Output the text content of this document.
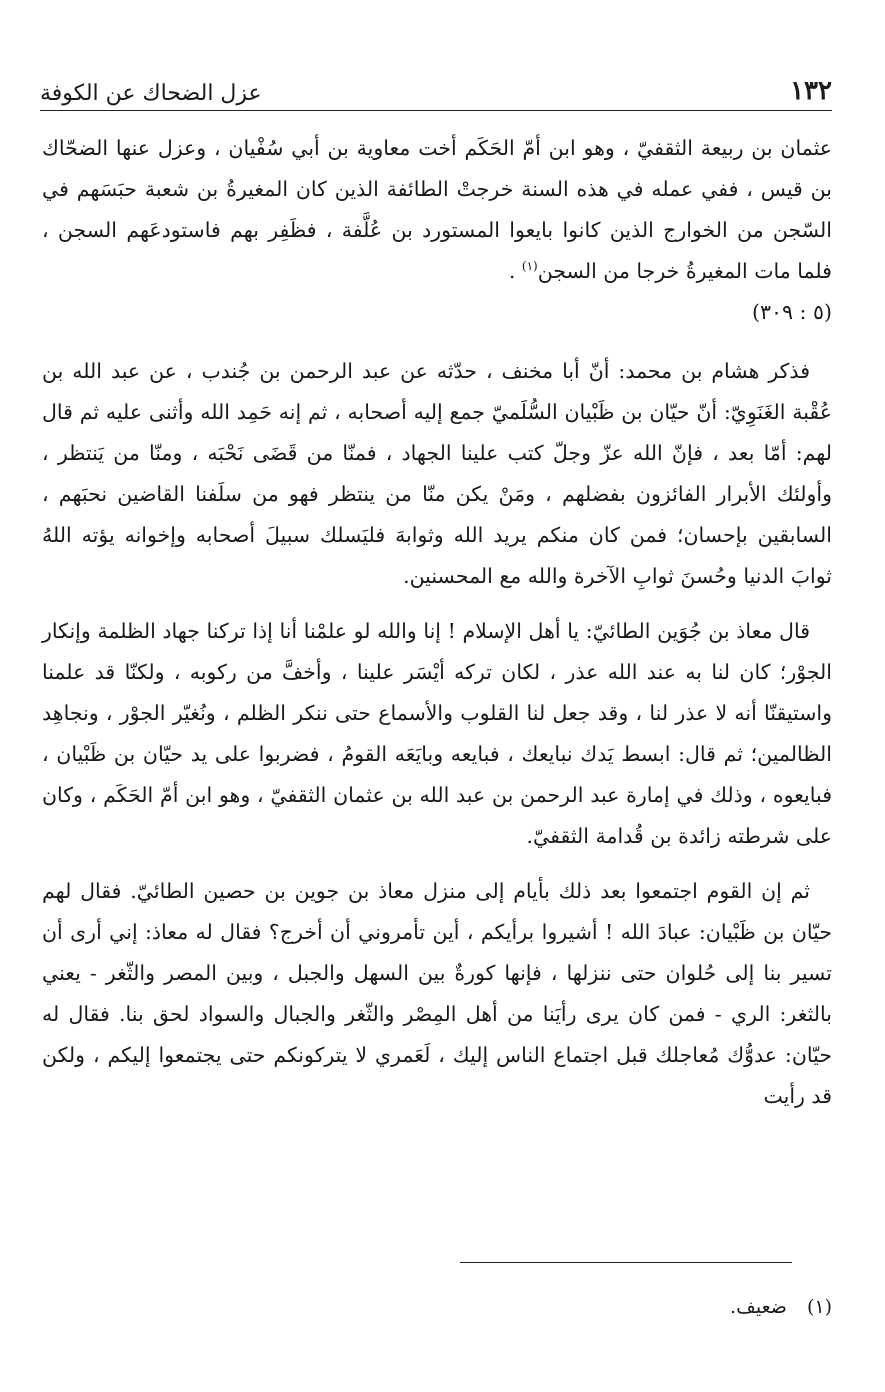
١٣٢
عزل الضحاك عن الكوفة

عثمان بن ربيعة الثقفيّ ، وهو ابن أمّ الحَكَم أخت معاوية بن أبي سُفْيان ، وعزل عنها الضحّاك بن قيس ، ففي عمله في هذه السنة خرجتْ الطائفة الذين كان المغيرةُ بن شعبة حبَسَهم في السّجن من الخوارج الذين كانوا بايعوا المستورد بن عُلَّفة ، فظَفِر بهم فاستودعَهم السجن ، فلما مات المغيرةُ خرجا من السجن$^{(١)}$ .

(٥ : ٣٠٩)

فذكر هشام بن محمد: أنّ أبا مخنف ، حدّثه عن عبد الرحمن بن جُندب ، عن عبد الله بن عُقْبة الغَنَوِيّ: أنّ حيّان بن ظَبْيان السُّلَميّ جمع إليه أصحابه ، ثم إنه حَمِد الله وأثنى عليه ثم قال لهم: أمّا بعد ، فإنّ الله عزّ وجلّ كتب علينا الجهاد ، فمنّا من قَضَى نَحْبَه ، ومنّا من يَنتظر ، وأولئك الأبرار الفائزون بفضلهم ، ومَنْ يكن منّا من ينتظر فهو من سلَفنا القاضين نحبَهم ، السابقين بإحسان؛ فمن كان منكم يريد الله وثوابهَ فليَسلك سبيلَ أصحابه وإخوانه يؤته اللهُ ثوابَ الدنيا وحُسنَ ثوابِ الآخرة والله مع المحسنين.

قال معاذ بن جُوَين الطائيّ: يا أهل الإسلام ! إنا والله لو علمْنا أنا إذا تركنا جهاد الظلمة وإنكار الجوْر؛ كان لنا به عند الله عذر ، لكان تركه أيْسَر علينا ، وأخفَّ من ركوبه ، ولكنّا قد علمنا واستيقنّا أنه لا عذر لنا ، وقد جعل لنا القلوب والأسماع حتى ننكر الظلم ، ونُغيّر الجوْر ، ونجاهِد الظالمين؛ ثم قال: ابسط يَدك نبايعك ، فبايعه وبايَعَه القومُ ، فضربوا على يد حيّان بن ظَبْيان ، فبايعوه ، وذلك في إمارة عبد الرحمن بن عبد الله بن عثمان الثقفيّ ، وهو ابن أمّ الحَكَم ، وكان على شرطته زائدة بن قُدامة الثقفيّ.

ثم إن القوم اجتمعوا بعد ذلك بأيام إلى منزل معاذ بن جوين بن حصين الطائيّ. فقال لهم حيّان بن ظَبْيان: عبادَ الله ! أشيروا برأيكم ، أين تأمروني أن أخرج؟ فقال له معاذ: إني أرى أن تسير بنا إلى حُلوان حتى ننزلها ، فإنها كورةٌ بين السهل والجبل ، وبين المصر والثّغر - يعني بالثغر: الري - فمن كان يرى رأيَنا من أهل المِصْر والثّغر والجبال والسواد لحق بنا. فقال له حيّان: عدوُّك مُعاجلك قبل اجتماع الناس إليك ، لَعَمري لا يتركونكم حتى يجتمعوا إليكم ، ولكن قد رأيت

(١) ضعيف.
